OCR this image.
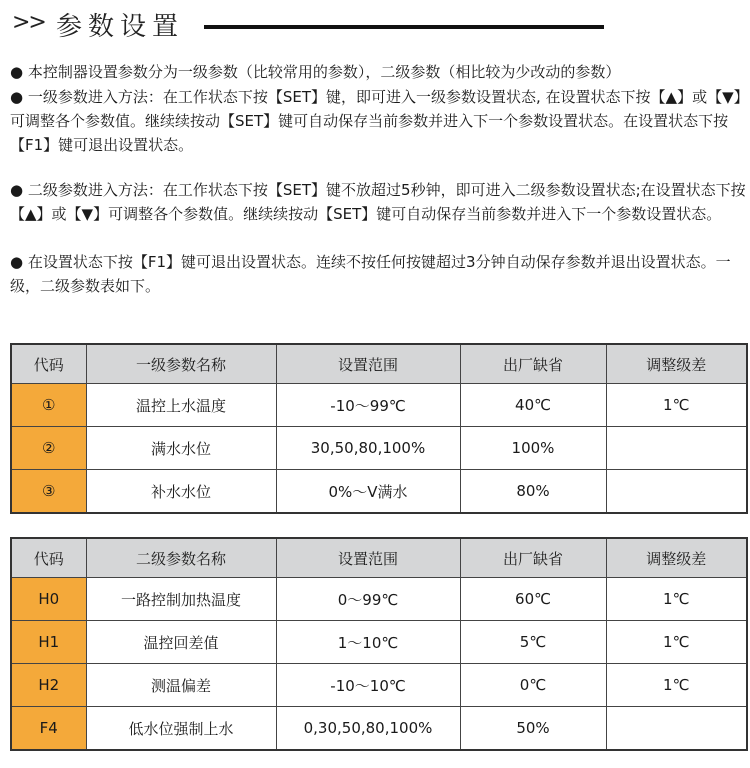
>> 参数设置
● 本控制器设置参数分为一级参数（比较常用的参数），二级参数（相比较为少改动的参数）
● 一级参数进入方法：在工作状态下按【SET】键，即可进入一级参数设置状态, 在设置状态下按【▲】或【▼】可调整各个参数值。继续续按动【SET】键可自动保存当前参数并进入下一个参数设置状态。在设置状态下按【F1】键可退出设置状态。
● 二级参数进入方法：在工作状态下按【SET】键不放超过5秒钟，即可进入二级参数设置状态;在设置状态下按【▲】或【▼】可调整各个参数值。继续续按动【SET】键可自动保存当前参数并进入下一个参数设置状态。
● 在设置状态下按【F1】键可退出设置状态。连续不按任何按键超过3分钟自动保存参数并退出设置状态。一级，二级参数表如下。
代码	一级参数名称	设置范围	出厂缺省	调整级差
①	温控上水温度	-10～99℃	40℃	1℃
②	满水水位	30,50,80,100%	100%	
③	补水水位	0%～V满水	80%	
代码	二级参数名称	设置范围	出厂缺省	调整级差
H0	一路控制加热温度	0～99℃	60℃	1℃
H1	温控回差值	1～10℃	5℃	1℃
H2	测温偏差	-10～10℃	0℃	1℃
F4	低水位强制上水	0,30,50,80,100%	50%	
